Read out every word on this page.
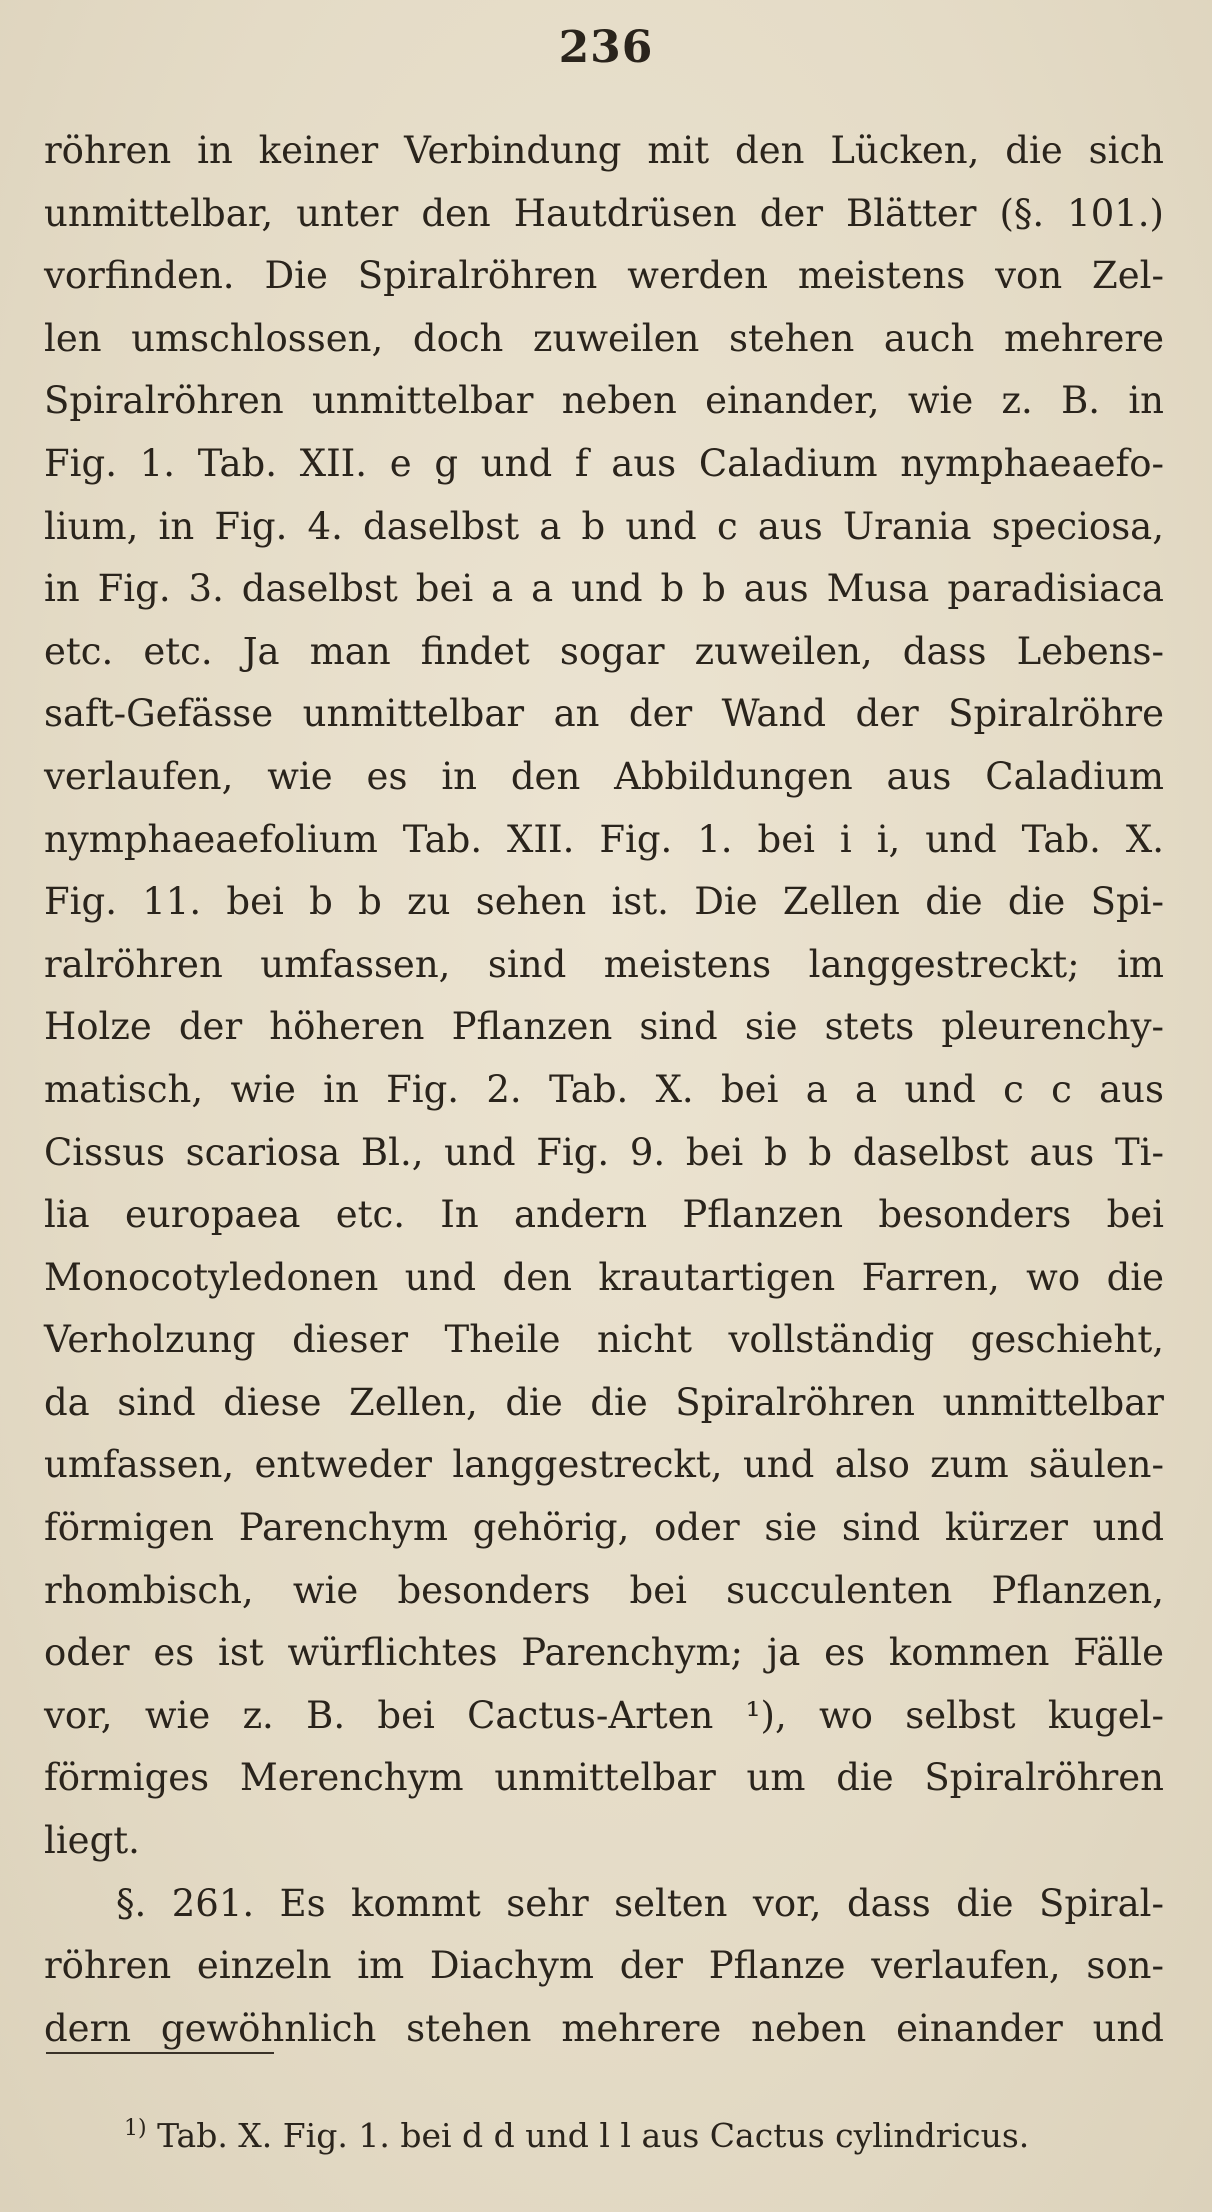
236
röhren in keiner Verbindung mit den Lücken, die sich
unmittelbar, unter den Hautdrüsen der Blätter (§. 101.)
vorfinden. Die Spiralröhren werden meistens von Zel-
len umschlossen, doch zuweilen stehen auch mehrere
Spiralröhren unmittelbar neben einander, wie z. B. in
Fig. 1. Tab. XII. e g und f aus Caladium nymphaeaefo-
lium, in Fig. 4. daselbst a b und c aus Urania speciosa,
in Fig. 3. daselbst bei a a und b b aus Musa paradisiaca
etc. etc. Ja man findet sogar zuweilen, dass Lebens-
saft-Gefässe unmittelbar an der Wand der Spiralröhre
verlaufen, wie es in den Abbildungen aus Caladium
nymphaeaefolium Tab. XII. Fig. 1. bei i i, und Tab. X.
Fig. 11. bei b b zu sehen ist. Die Zellen die die Spi-
ralröhren umfassen, sind meistens langgestreckt; im
Holze der höheren Pflanzen sind sie stets pleurenchy-
matisch, wie in Fig. 2. Tab. X. bei a a und c c aus
Cissus scariosa Bl., und Fig. 9. bei b b daselbst aus Ti-
lia europaea etc. In andern Pflanzen besonders bei
Monocotyledonen und den krautartigen Farren, wo die
Verholzung dieser Theile nicht vollständig geschieht,
da sind diese Zellen, die die Spiralröhren unmittelbar
umfassen, entweder langgestreckt, und also zum säulen-
förmigen Parenchym gehörig, oder sie sind kürzer und
rhombisch, wie besonders bei succulenten Pflanzen,
oder es ist würflichtes Parenchym; ja es kommen Fälle
vor, wie z. B. bei Cactus-Arten ¹), wo selbst kugel-
förmiges Merenchym unmittelbar um die Spiralröhren
liegt.
§. 261. Es kommt sehr selten vor, dass die Spiral-
röhren einzeln im Diachym der Pflanze verlaufen, son-
dern gewöhnlich stehen mehrere neben einander und
$^{1)}$ Tab. X. Fig. 1. bei d d und l l aus Cactus cylindricus.
